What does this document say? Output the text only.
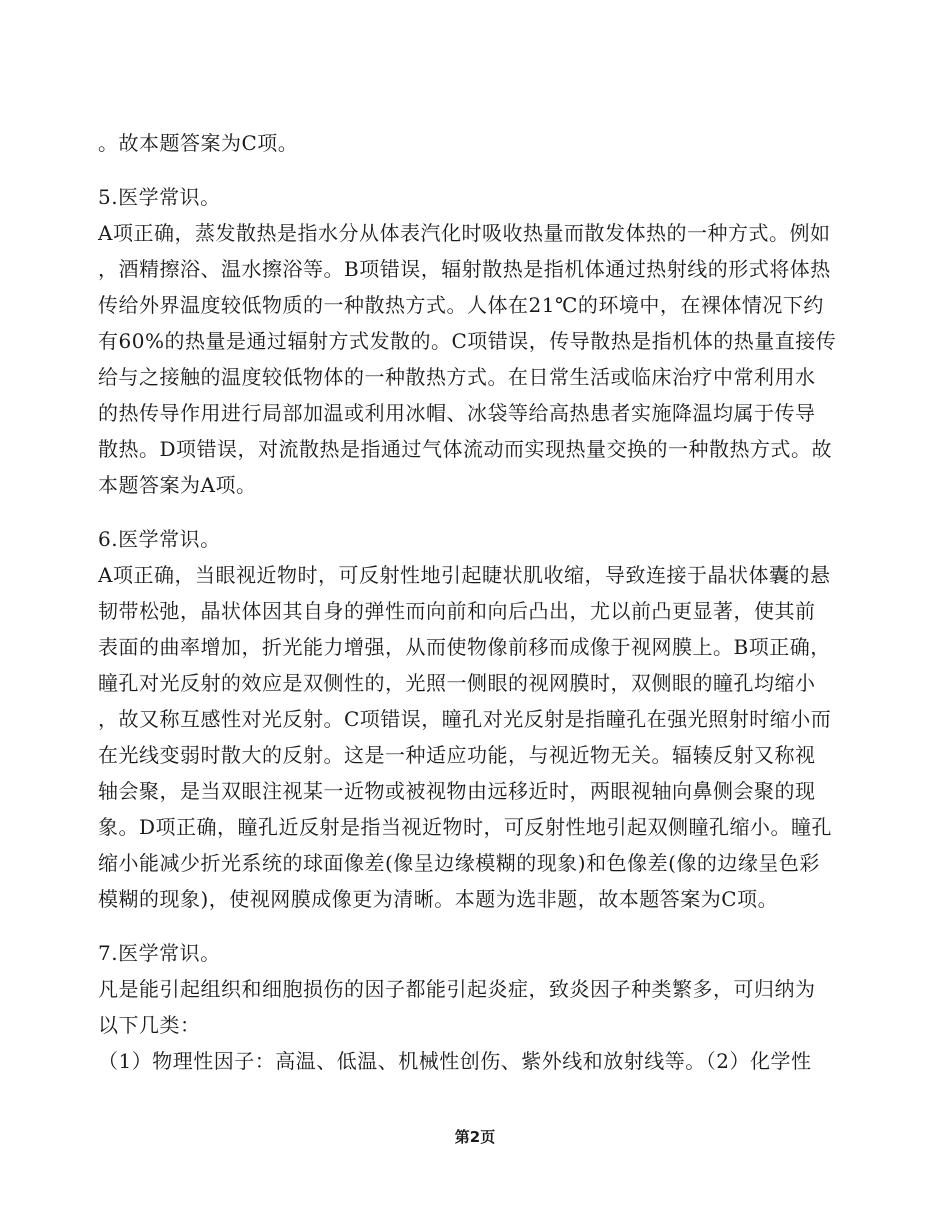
。故本题答案为C项。
5.医学常识。
A项正确，蒸发散热是指水分从体表汽化时吸收热量而散发体热的一种方式。例如
，酒精擦浴、温水擦浴等。B项错误，辐射散热是指机体通过热射线的形式将体热
传给外界温度较低物质的一种散热方式。人体在21℃的环境中，在裸体情况下约
有60%的热量是通过辐射方式发散的。C项错误，传导散热是指机体的热量直接传
给与之接触的温度较低物体的一种散热方式。在日常生活或临床治疗中常利用水
的热传导作用进行局部加温或利用冰帽、冰袋等给高热患者实施降温均属于传导
散热。D项错误，对流散热是指通过气体流动而实现热量交换的一种散热方式。故
本题答案为A项。
6.医学常识。
A项正确，当眼视近物时，可反射性地引起睫状肌收缩，导致连接于晶状体囊的悬
韧带松弛，晶状体因其自身的弹性而向前和向后凸出，尤以前凸更显著，使其前
表面的曲率增加，折光能力增强，从而使物像前移而成像于视网膜上。B项正确，
瞳孔对光反射的效应是双侧性的，光照一侧眼的视网膜时，双侧眼的瞳孔均缩小
，故又称互感性对光反射。C项错误，瞳孔对光反射是指瞳孔在强光照射时缩小而
在光线变弱时散大的反射。这是一种适应功能，与视近物无关。辐辏反射又称视
轴会聚，是当双眼注视某一近物或被视物由远移近时，两眼视轴向鼻侧会聚的现
象。D项正确，瞳孔近反射是指当视近物时，可反射性地引起双侧瞳孔缩小。瞳孔
缩小能减少折光系统的球面像差(像呈边缘模糊的现象)和色像差(像的边缘呈色彩
模糊的现象)，使视网膜成像更为清晰。本题为选非题，故本题答案为C项。
7.医学常识。
凡是能引起组织和细胞损伤的因子都能引起炎症，致炎因子种类繁多，可归纳为
以下几类：
（1）物理性因子：高温、低温、机械性创伤、紫外线和放射线等。（2）化学性
第2页
